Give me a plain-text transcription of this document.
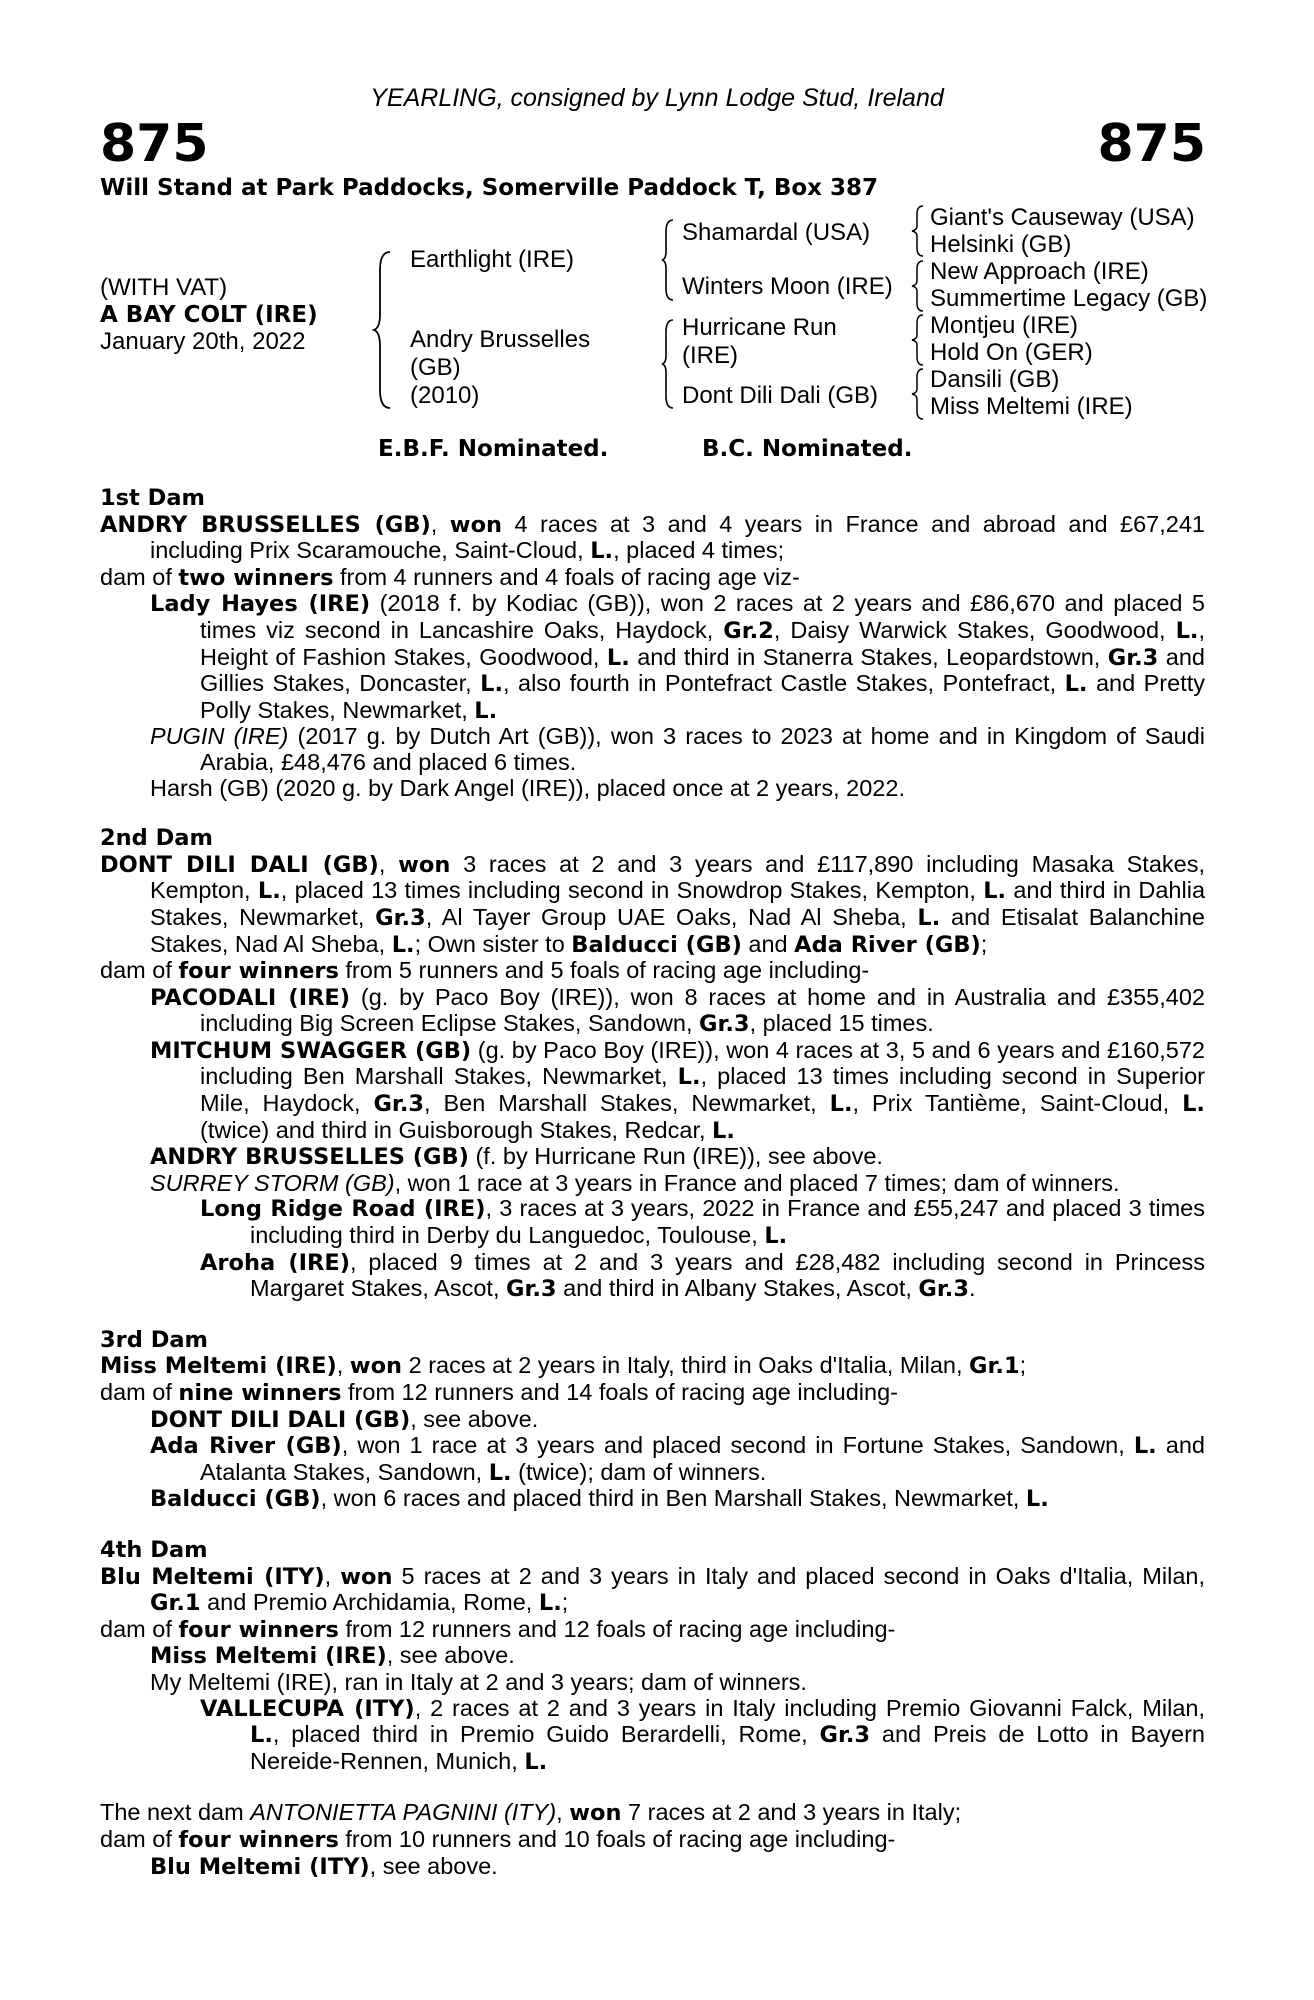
YEARLING, consigned by Lynn Lodge Stud, Ireland
875	875
Will Stand at Park Paddocks, Somerville Paddock T, Box 387
(WITH VAT)
A BAY COLT (IRE)
January 20th, 2022
Earthlight (IRE)
Andry Brusselles
(GB)
(2010)
Shamardal (USA)
Winters Moon (IRE)
Hurricane Run
(IRE)
Dont Dili Dali (GB)
Giant's Causeway (USA)
Helsinki (GB)
New Approach (IRE)
Summertime Legacy (GB)
Montjeu (IRE)
Hold On (GER)
Dansili (GB)
Miss Meltemi (IRE)
E.B.F. Nominated.	B.C. Nominated.
1st Dam

ANDRY BRUSSELLES (GB), won 4 races at 3 and 4 years in France and abroad and £67,241 including Prix Scaramouche, Saint-Cloud, L., placed 4 times;

dam of two winners from 4 runners and 4 foals of racing age viz-

Lady Hayes (IRE) (2018 f. by Kodiac (GB)), won 2 races at 2 years and £86,670 and placed 5 times viz second in Lancashire Oaks, Haydock, Gr.2, Daisy Warwick Stakes, Goodwood, L., Height of Fashion Stakes, Goodwood, L. and third in Stanerra Stakes, Leopardstown, Gr.3 and Gillies Stakes, Doncaster, L., also fourth in Pontefract Castle Stakes, Pontefract, L. and Pretty Polly Stakes, Newmarket, L.

PUGIN (IRE) (2017 g. by Dutch Art (GB)), won 3 races to 2023 at home and in Kingdom of Saudi Arabia, £48,476 and placed 6 times.

Harsh (GB) (2020 g. by Dark Angel (IRE)), placed once at 2 years, 2022.

2nd Dam

DONT DILI DALI (GB), won 3 races at 2 and 3 years and £117,890 including Masaka Stakes, Kempton, L., placed 13 times including second in Snowdrop Stakes, Kempton, L. and third in Dahlia Stakes, Newmarket, Gr.3, Al Tayer Group UAE Oaks, Nad Al Sheba, L. and Etisalat Balanchine Stakes, Nad Al Sheba, L.; Own sister to Balducci (GB) and Ada River (GB);

dam of four winners from 5 runners and 5 foals of racing age including-

PACODALI (IRE) (g. by Paco Boy (IRE)), won 8 races at home and in Australia and £355,402 including Big Screen Eclipse Stakes, Sandown, Gr.3, placed 15 times.

MITCHUM SWAGGER (GB) (g. by Paco Boy (IRE)), won 4 races at 3, 5 and 6 years and £160,572 including Ben Marshall Stakes, Newmarket, L., placed 13 times including second in Superior Mile, Haydock, Gr.3, Ben Marshall Stakes, Newmarket, L., Prix Tantième, Saint-Cloud, L. (twice) and third in Guisborough Stakes, Redcar, L.

ANDRY BRUSSELLES (GB) (f. by Hurricane Run (IRE)), see above.

SURREY STORM (GB), won 1 race at 3 years in France and placed 7 times; dam of winners.

Long Ridge Road (IRE), 3 races at 3 years, 2022 in France and £55,247 and placed 3 times including third in Derby du Languedoc, Toulouse, L.

Aroha (IRE), placed 9 times at 2 and 3 years and £28,482 including second in Princess Margaret Stakes, Ascot, Gr.3 and third in Albany Stakes, Ascot, Gr.3.

3rd Dam

Miss Meltemi (IRE), won 2 races at 2 years in Italy, third in Oaks d'Italia, Milan, Gr.1;

dam of nine winners from 12 runners and 14 foals of racing age including-

DONT DILI DALI (GB), see above.

Ada River (GB), won 1 race at 3 years and placed second in Fortune Stakes, Sandown, L. and Atalanta Stakes, Sandown, L. (twice); dam of winners.

Balducci (GB), won 6 races and placed third in Ben Marshall Stakes, Newmarket, L.

4th Dam

Blu Meltemi (ITY), won 5 races at 2 and 3 years in Italy and placed second in Oaks d'Italia, Milan, Gr.1 and Premio Archidamia, Rome, L.;

dam of four winners from 12 runners and 12 foals of racing age including-

Miss Meltemi (IRE), see above.

My Meltemi (IRE), ran in Italy at 2 and 3 years; dam of winners.

VALLECUPA (ITY), 2 races at 2 and 3 years in Italy including Premio Giovanni Falck, Milan, L., placed third in Premio Guido Berardelli, Rome, Gr.3 and Preis de Lotto in Bayern Nereide-Rennen, Munich, L.

The next dam ANTONIETTA PAGNINI (ITY), won 7 races at 2 and 3 years in Italy;

dam of four winners from 10 runners and 10 foals of racing age including-

Blu Meltemi (ITY), see above.
